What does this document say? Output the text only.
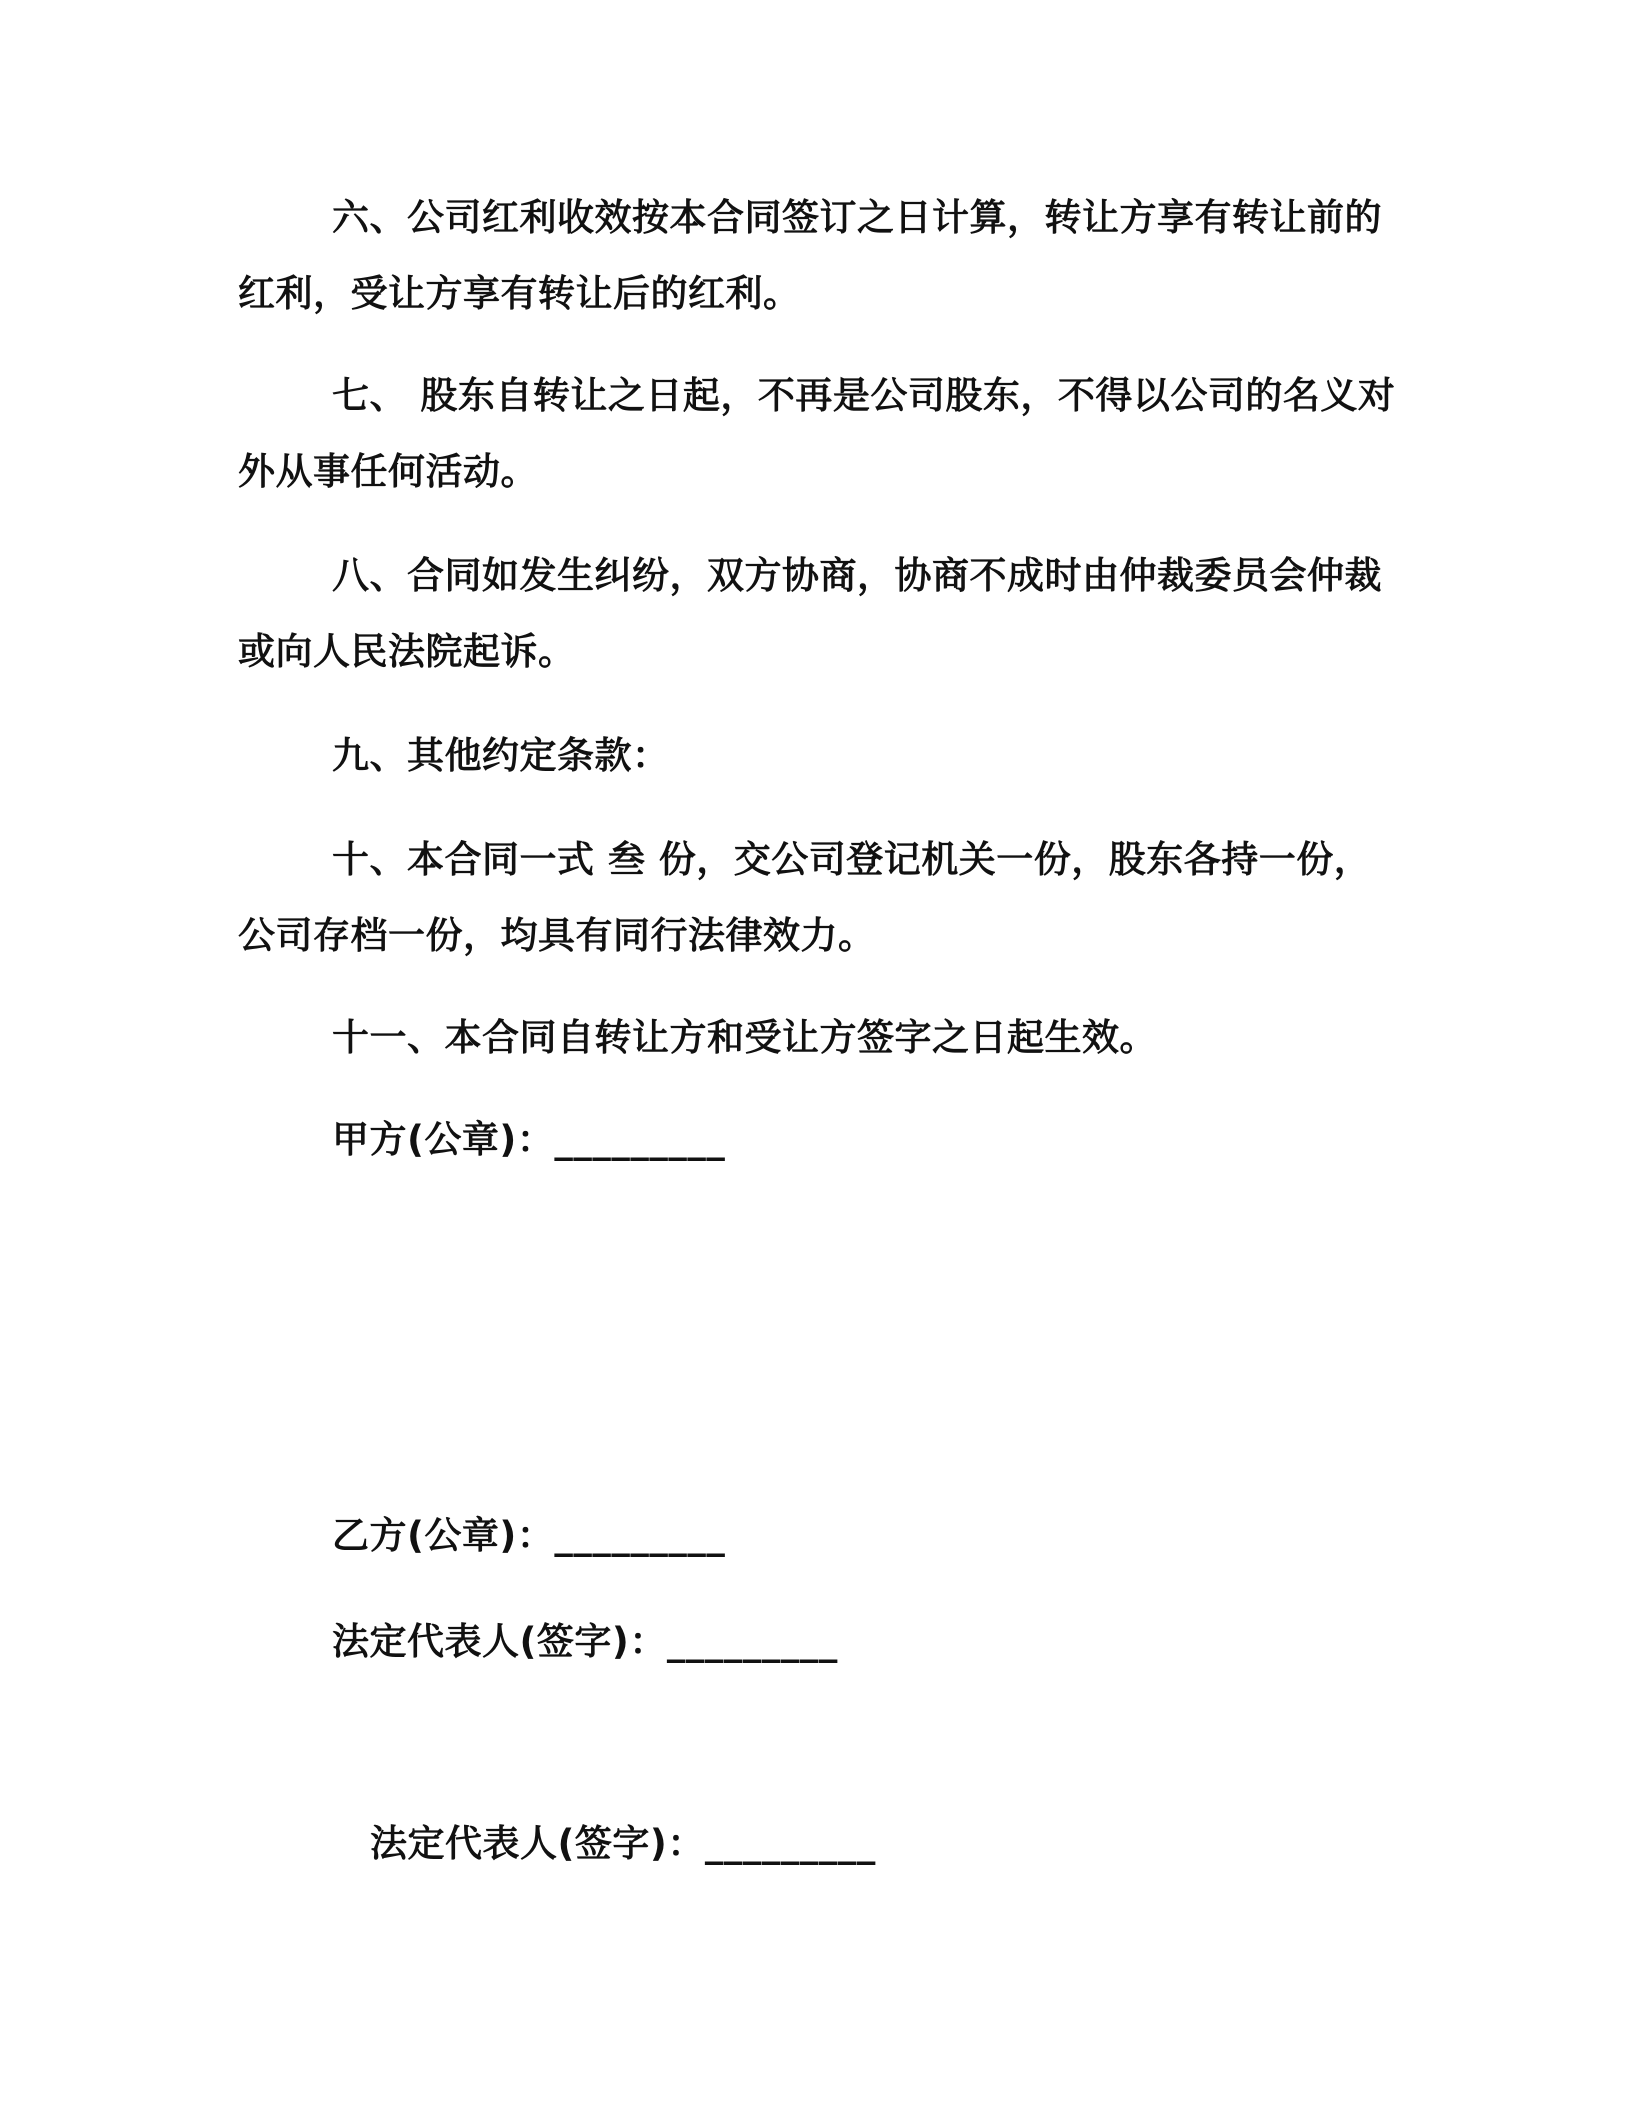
六、公司红利收效按本合同签订之日计算，转让方享有转让前的
红利，受让方享有转让后的红利。
七、 股东自转让之日起，不再是公司股东，不得以公司的名义对
外从事任何活动。
八、合同如发生纠纷，双方协商，协商不成时由仲裁委员会仲裁
或向人民法院起诉。
九、其他约定条款：
十、本合同一式 叁 份，交公司登记机关一份，股东各持一份，
公司存档一份，均具有同行法律效力。
十一、本合同自转让方和受让方签字之日起生效。
甲方(公章)：_________
乙方(公章)：_________
法定代表人(签字)：_________
法定代表人(签字)：_________
